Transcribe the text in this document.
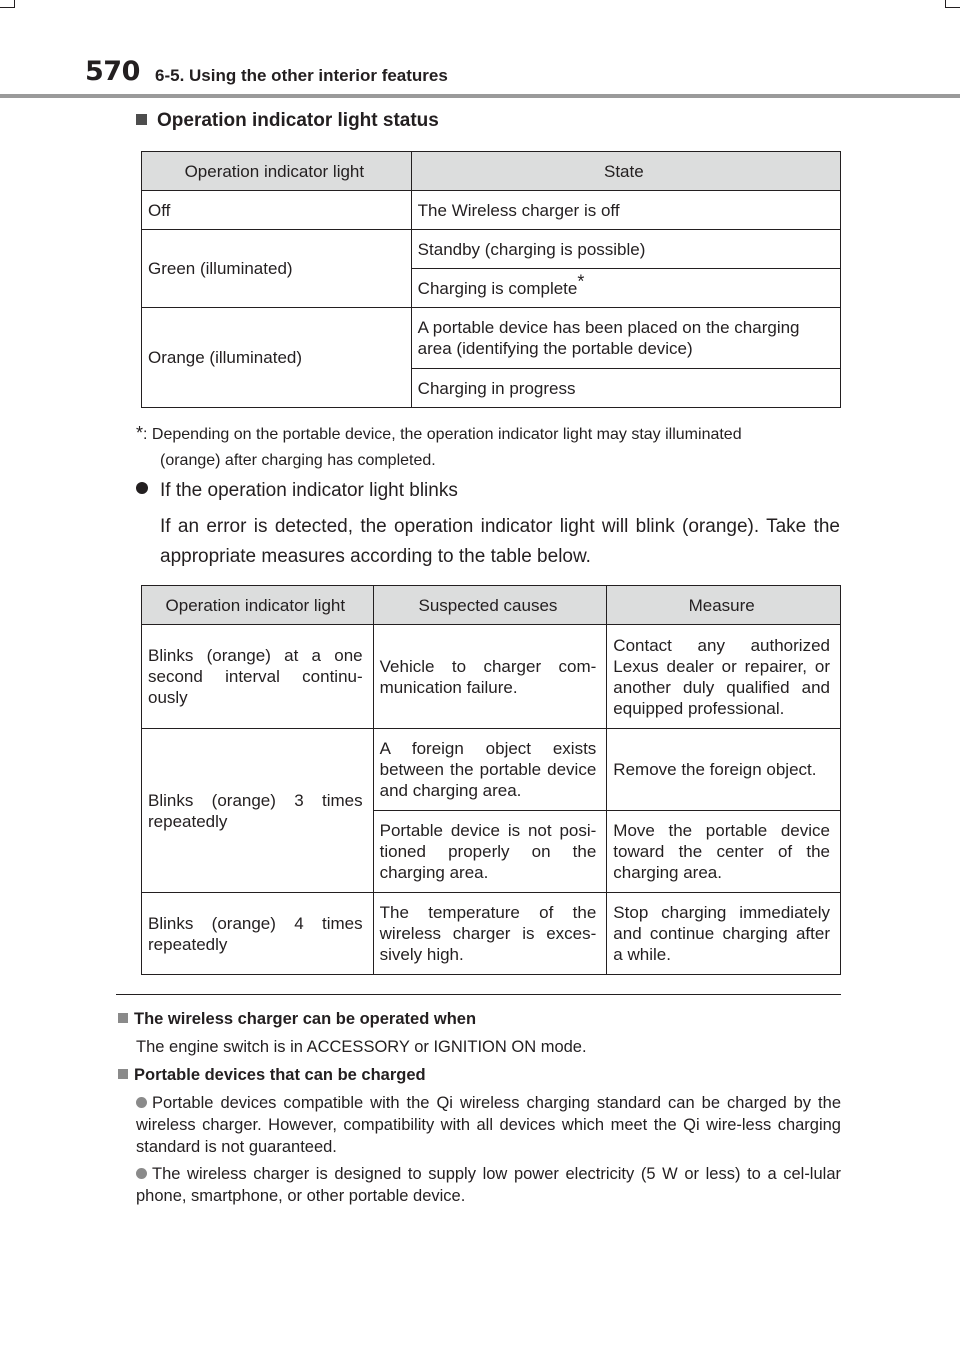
570 6-5. Using the other interior features
Operation indicator light status
Operation indicator light	State
Off	The Wireless charger is off
Green (illuminated)	Standby (charging is possible)
	Charging is complete*
Orange (illuminated)	A portable device has been placed on the charging area (identifying the portable device)
	Charging in progress
*: Depending on the portable device, the operation indicator light may stay illuminated
(orange) after charging has completed.
If the operation indicator light blinks
If an error is detected, the operation indicator light will blink (orange). Take the appropriate measures according to the table below.
Operation indicator light	Suspected causes	Measure
Blinks (orange) at a one second interval continu-ously	Vehicle to charger com-munication failure.	Contact any authorized Lexus dealer or repairer, or another duly qualified and equipped professional.
Blinks (orange) 3 times repeatedly	A foreign object exists between the portable device and charging area.	Remove the foreign object.
	Portable device is not posi-tioned properly on the charging area.	Move the portable device toward the center of the charging area.
Blinks (orange) 4 times repeatedly	The temperature of the wireless charger is exces-sively high.	Stop charging immediately and continue charging after a while.
The wireless charger can be operated when
The engine switch is in ACCESSORY or IGNITION ON mode.
Portable devices that can be charged
Portable devices compatible with the Qi wireless charging standard can be charged by the wireless charger. However, compatibility with all devices which meet the Qi wire-less charging standard is not guaranteed.
The wireless charger is designed to supply low power electricity (5 W or less) to a cel-lular phone, smartphone, or other portable device.
